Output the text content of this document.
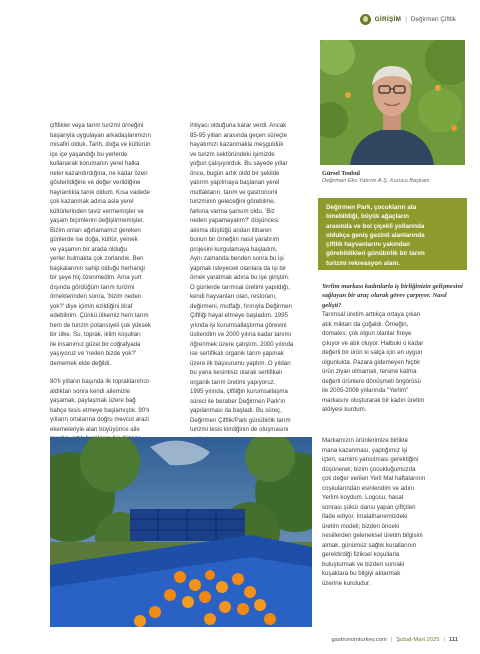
GİRİŞİM | Değirmen Çiftlik

çiftlikler veya tarım turizmi örneğini
başarıyla uygulayan arkadaşlarımızın
misafiri olduk. Tarih, doğa ve kültürün
içe içe yaşandığı bu yerlerde
kullanarak korumanın yerel halka
neler kazandırdığına, ne kadar özen
gösterildiğine ve değer verildiğine
hayranlıkla tanık oldum. Kısa vadede
çok kazanmak adına asla yerel
kültürlerinden taviz vermemişler ve
yaşam biçimlerini değiştirmemişler.
Bizim onları ağırlamamız gereken
günlerde ise doğa, kültür, yemek
ve yaşamın bir arada olduğu
yerler bulmakta çok zorlandık. Ben
başkalarının sahip olduğu herhangi
bir şeye hiç özenmedim. Ama yurt
dışında gördüğüm tarım turizmi
örneklerinden sonra, 'bizim neden
yok?' diye içimin ezildiğini itiraf
edebilirim. Çünkü ülkemiz hem tarım
hem de turizm potansiyeli çok yüksek
bir ülke. Su, toprak, iklim koşulları
ile insanımız güzel bir coğrafyada
yaşıyoruz ve 'neden bizde yok?'
dememek elde değildi.

80'li yılların başında ilk topraklarımızı
aldıktan sonra kendi ailemizle
yaşamak, paylaşmak üzere bağ
bahçe tesis etmeye başlamıştık. 90'lı
yılların ortalarına doğru mevcut arazi
ekemeleriyle alan büyüyünce aile

ihtiyacı olduğuna karar verdi. Ancak
85-95 yılları arasında geçen süreçte
hayatımızı kazanmakla meşguldük
ve turizm sektöründeki işimizde
yoğun çalışıyorduk. Bu sayede yıllar
önce, bugün artık oldd bir şekilde
yatırım yapılmaya başlanan yerel
mutfakların, tarım ve gastronomi
turizminin geleceğini görebilme,
farkına varma şansım oldu. 'Biz
neden yapamayalım?' düşüncesi
aklıma düştüğü andan itibaren
bunun bir örneğini nasıl yaratırım
projesini kurgulamaya başladım.
Aynı zamanda benden sonra bu işi
yapmak isteyecek olanlara da işi bir
örnek yaratmak adına bu işe giriştim.
O günlerde tarımsal üretimi yapıldığı,
kendi hayvanları olan, restoranı,
değirmeni, mutfağı, fırınıyla Değirmen
Çiftliği hayal etmeye başladım. 1995
yılında işi kurumsallaştırma görevini
üstlendim ve 2000 yılına kadar tanımı
öğrenmek üzere çalıştım. 2000 yılında
ise sertifikalı organik tarım yapmak
üzere ilk başvurumu yaptım. O yıldan
bu yana kesintisiz olarak sertifikalı
organik tarım üretimi yapıyoruz.
1995 yılında, çiftliğin kurumsallaşma
süreci ile beraber Değirmen Park'ın
yapılanması da başladı. Bu süreç,
Değirmen Çiftlik/Park günübirlik tarım
turizmi tesis kimliğinin de oluşmasını

Gürsel Tonbul
Değirmen Eko Yatırım A.Ş. Kurucu Başkanı

Değirmen Park, çocukların ata
binebildiği, büyük ağaçların
arasında ve bol çiçekli yollarında
oldukça geniş gezinti alanlarında
çiftlik hayvanlarını yakından
görebildikleri günübirlik bir tarım
turizmi rekreasyon alanı.

Yerlim markası kadınlarla iş birliğinizin gelişmesini sağlayan bir araç olarak görev çarpıyor. Nasıl gelişti?

Tarımsal üretim arttıkça ortaya çıkan
atık miktarı da çoğaldı. Örneğin,
domates; çok olgun olanlar fireye
çıkıyor ve atık oluyor. Halbuki o kadar
değerli bir ürün ki salça için en uygun
olgunlukta. Pazara gidemeyen hiçbir
ürün ziyan olmamalı, tersine katma
değerli ürünlere dönüşmeli öngörüsü
ile 2005-2006 yıllarında "Yerlim"
markasını oluşturarak bir kadın üretim
atölyesi kurdum.

Markamızın ürünlerimize birlikte
mana kazanması, yaptığımız işi
içten, samimi yansıtması gerektiğini
düşünerek; bizim çocukluğumuzda
çok değer verilen Yerli Mal haftalarının
coşkularından esinlendim ve adını
Yerlim koydum. Logosu, hasat
sonrası şükür dansı yapan çiftçileri
ifade ediyor. İmalathanemizdeki
üretim modeli; bizden önceki
nesillerden geleneksel üretim bilgisini
almak, günümüz sağlık kurallarının
gerektirdiği fiziksel koşullarla
buluşturmak ve bizden sonraki
kuşaklara bu bilgiyi aktarmak
üzerine kuruludur.

gastronomturkey.com | Şubat-Mart 2025 | 111
